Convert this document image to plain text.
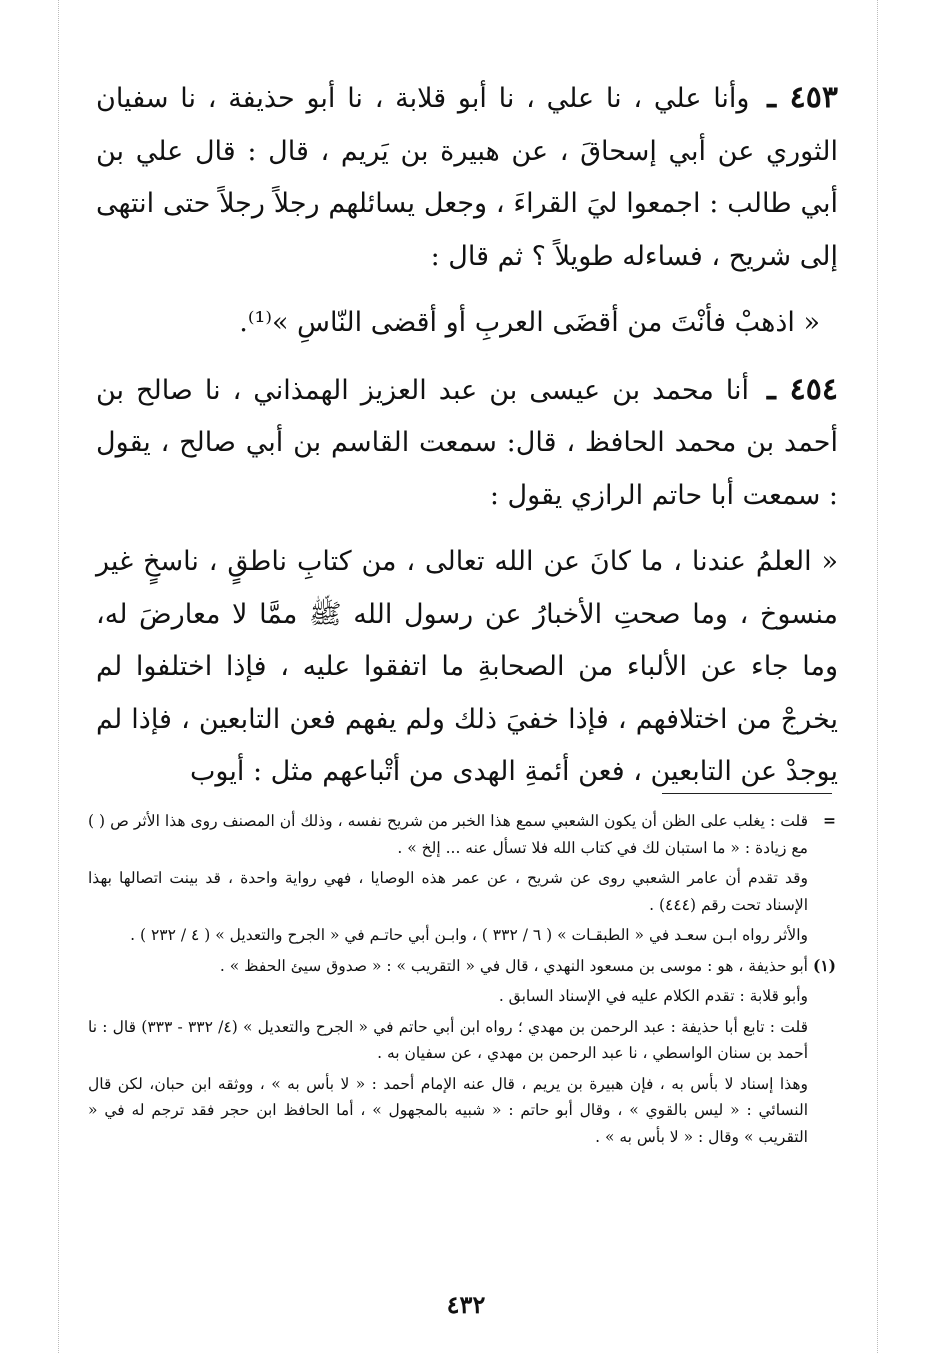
٤٥٣ ـ وأنا علي ، نا علي ، نا أبو قلابة ، نا أبو حذيفة ، نا سفيان الثوري عن أبي إسحاقَ ، عن هبيرة بن يَريم ، قال : قال علي بن أبي طالب : اجمعوا ليَ القراءَ ، وجعل يسائلهم رجلاً رجلاً حتى انتهى إلى شريح ، فساءله طويلاً ؟ ثم قال :

« اذهبْ فأنْتَ من أقضَى العربِ أو أقضى النّاسِ »⁽¹⁾.

٤٥٤ ـ أنا محمد بن عيسى بن عبد العزيز الهمذاني ، نا صالح بن أحمد بن محمد الحافظ ، قال: سمعت القاسم بن أبي صالح ، يقول : سمعت أبا حاتم الرازي يقول :

« العلمُ عندنا ، ما كانَ عن الله تعالى ، من كتابِ ناطقٍ ، ناسخٍ غير منسوخ ، وما صحتِ الأخبارُ عن رسول الله ﷺ ممَّا لا معارضَ له، وما جاء عن الألباء من الصحابةِ ما اتفقوا عليه ، فإذا اختلفوا لم يخرجْ من اختلافهم ، فإذا خفيَ ذلك ولم يفهم فعن التابعين ، فإذا لم يوجدْ عن التابعين ، فعن أئمةِ الهدى من أتْباعهم مثل : أيوب

=
قلت : يغلب على الظن أن يكون الشعبي سمع هذا الخبر من شريح نفسه ، وذلك أن المصنف روى هذا الأثر ص ( ) مع زيادة : « ما استبان لك في كتاب الله فلا تسأل عنه ... إلخ » .

وقد تقدم أن عامر الشعبي روى عن شريح ، عن عمر هذه الوصايا ، فهي رواية واحدة ، قد بينت اتصالها بهذا الإسناد تحت رقم (٤٤٤) .

والأثر رواه ابـن سعـد في « الطبقـات » ( ٦ / ٣٣٢ ) ، وابـن أبي حاتـم في « الجرح والتعديل » ( ٤ / ٢٣٢ ) .

(١)
أبو حذيفة ، هو : موسى بن مسعود النهدي ، قال في « التقريب » : « صدوق سيئ الحفظ » .

وأبو قلابة : تقدم الكلام عليه في الإسناد السابق .

قلت : تابع أبا حذيفة : عبد الرحمن بن مهدي ؛ رواه ابن أبي حاتم في « الجرح والتعديل » (٤/ ٣٣٢ - ٣٣٣) قال : نا أحمد بن سنان الواسطي ، نا عبد الرحمن بن مهدي ، عن سفيان به .

وهذا إسناد لا بأس به ، فإن هبيرة بن يريم ، قال عنه الإمام أحمد : « لا بأس به » ، ووثقه ابن حبان، لكن قال النسائي : « ليس بالقوي » ، وقال أبو حاتم : « شبيه بالمجهول » ، أما الحافظ ابن حجر فقد ترجم له في « التقريب » وقال : « لا بأس به » .

٤٣٢
